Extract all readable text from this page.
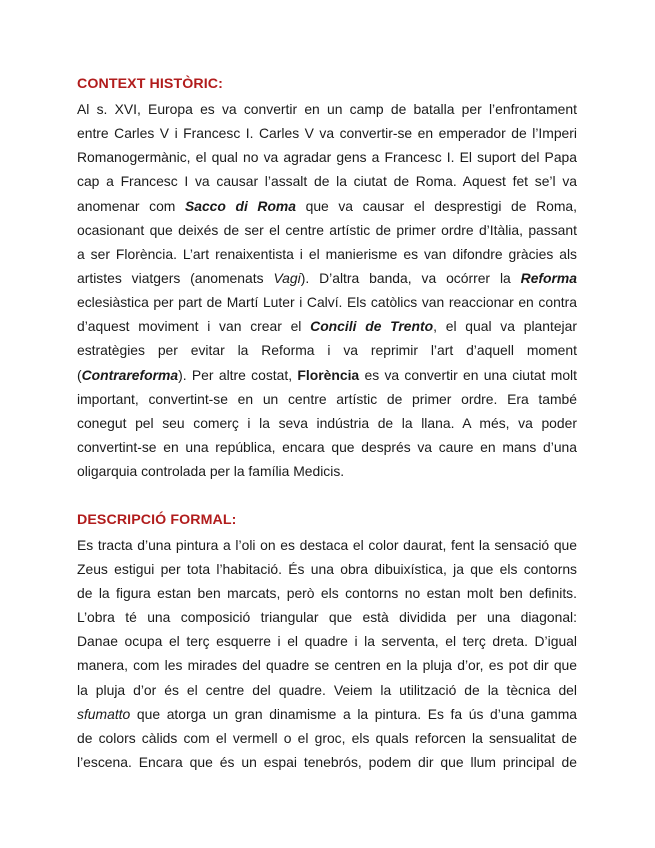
CONTEXT HISTÒRIC:
Al s. XVI, Europa es va convertir en un camp de batalla per l’enfrontament
entre Carles V i Francesc I. Carles V va convertir-se en emperador de l’Imperi
Romanogermànic, el qual no va agradar gens a Francesc I. El suport del Papa
cap a Francesc I va causar l’assalt de la ciutat de Roma. Aquest fet se’l va
anomenar com Sacco di Roma que va causar el desprestigi de Roma,
ocasionant que deixés de ser el centre artístic de primer ordre d’Itàlia, passant
a ser Florència. L’art renaixentista i el manierisme es van difondre gràcies als
artistes viatgers (anomenats Vagi). D’altra banda, va ocórrer la Reforma
eclesiàstica per part de Martí Luter i Calví. Els catòlics van reaccionar en contra
d’aquest moviment i van crear el Concili de Trento, el qual va plantejar
estratègies per evitar la Reforma i va reprimir l’art d’aquell moment
(Contrareforma). Per altre costat, Florència es va convertir en una ciutat molt
important, convertint-se en un centre artístic de primer ordre. Era també
conegut pel seu comerç i la seva indústria de la llana. A més, va poder
convertint-se en una república, encara que després va caure en mans d’una
oligarquia controlada per la família Medicis.
DESCRIPCIÓ FORMAL:
Es tracta d’una pintura a l’oli on es destaca el color daurat, fent la sensació que
Zeus estigui per tota l’habitació. És una obra dibuixística, ja que els contorns
de la figura estan ben marcats, però els contorns no estan molt ben definits.
L’obra té una composició triangular que està dividida per una diagonal:
Danae ocupa el terç esquerre i el quadre i la serventa, el terç dreta. D’igual
manera, com les mirades del quadre se centren en la pluja d’or, es pot dir que
la pluja d’or és el centre del quadre. Veiem la utilització de la tècnica del
sfumatto que atorga un gran dinamisme a la pintura. Es fa ús d’una gamma
de colors càlids com el vermell o el groc, els quals reforcen la sensualitat de
l’escena. Encara que és un espai tenebrós, podem dir que llum principal de
